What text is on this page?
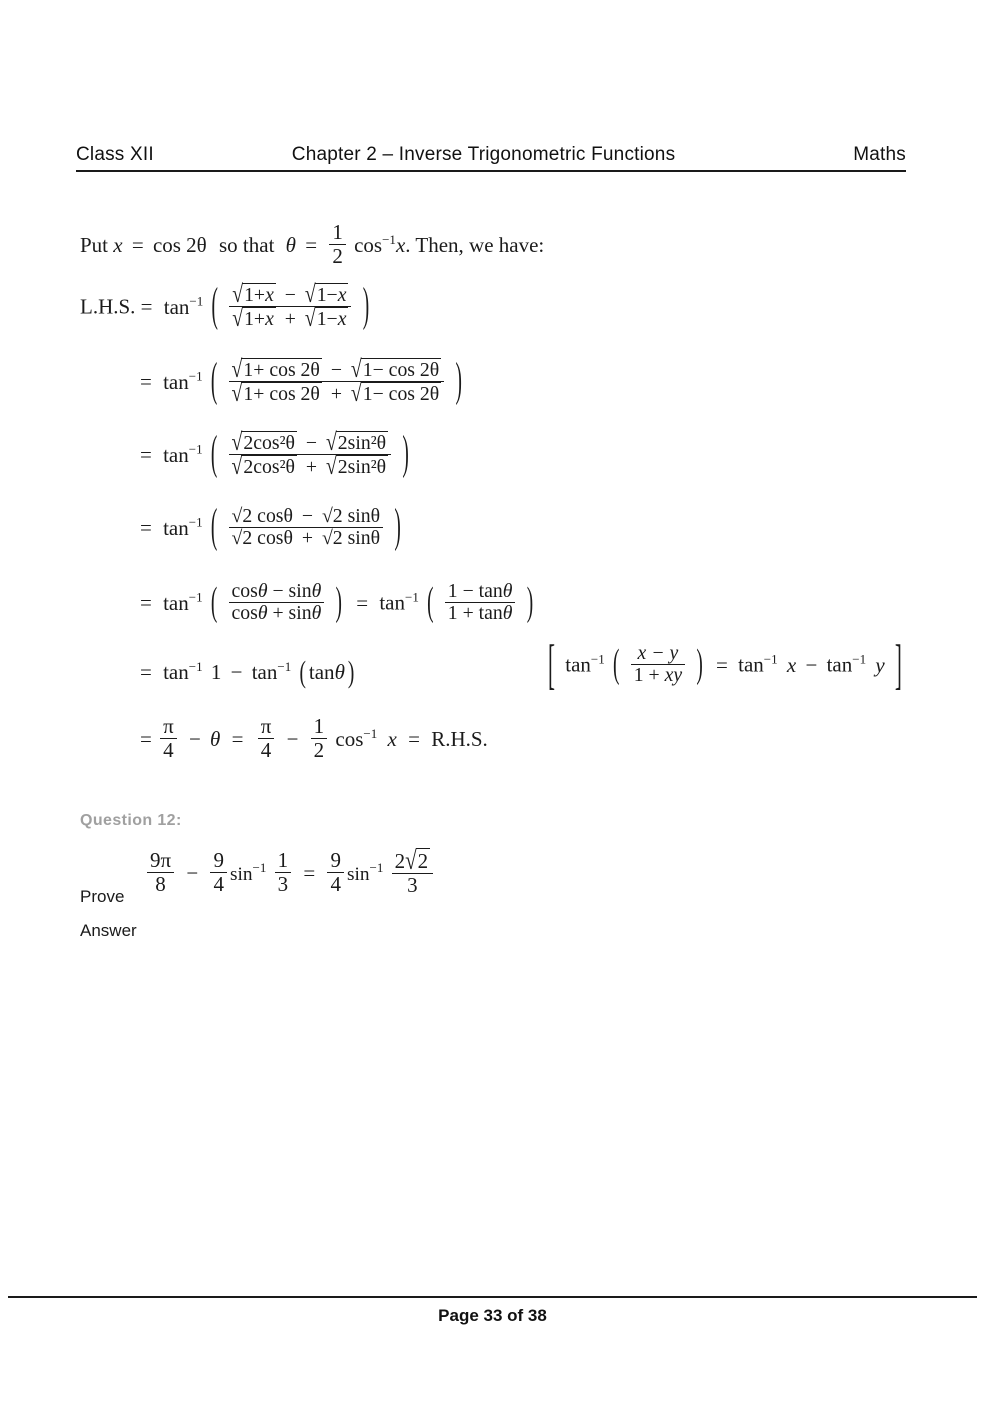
Class XII	Chapter 2 – Inverse Trigonometric Functions	Maths
Put x = cos 2θ so that $\theta = \frac{1}{2} \cos^{-1}x$. Then, we have:
L.H.S. = $\tan^{-1}$ ( $\frac{√1+x - √1-x}{√1+x + √1-x}$ )
= $\tan^{-1}$ ( $\frac{√1+ \cos 2\theta - √1- \cos 2\theta}{√1+ \cos 2\theta + √1- \cos 2\theta}$ )
= $\tan^{-1}$ ( $\frac{\text{√2cos²θ − √2sin²θ}}{\text{√2cos²θ + √2sin²θ}}$ )
= $\tan^{-1}$ ( $\frac{√2 \cos\theta - √2 \sin\theta}{√2 \cos\theta + √2 \sin\theta}$ )
= $\tan^{-1}$ ( $\frac{\cos\theta - \sin\theta}{\cos\theta + \sin\theta}$ ) = $\tan^{-1}$ ( $\frac{1 - \tan\theta}{1 + \tan\theta}$ )
= $\tan^{-1} 1 - \tan^{-1}$ ( tanθ )	[ $\tan^{-1}$ ( $\frac{x - y}{1 + xy}$ ) = $\tan^{-1} x - \tan^{-1} y$ ]
= $\frac{\pi}{4} - \theta = \frac{\pi}{4} - \frac{1}{2} \cos^{-1} x = R.H.S$.
Question 12:
$\frac{9\pi}{8} - \frac{9}{4} \sin^{-1} \frac{1}{3} = \frac{9}{4} \sin^{-1} \frac{2√2}{3}$
Prove
Answer
Page 33 of 38
